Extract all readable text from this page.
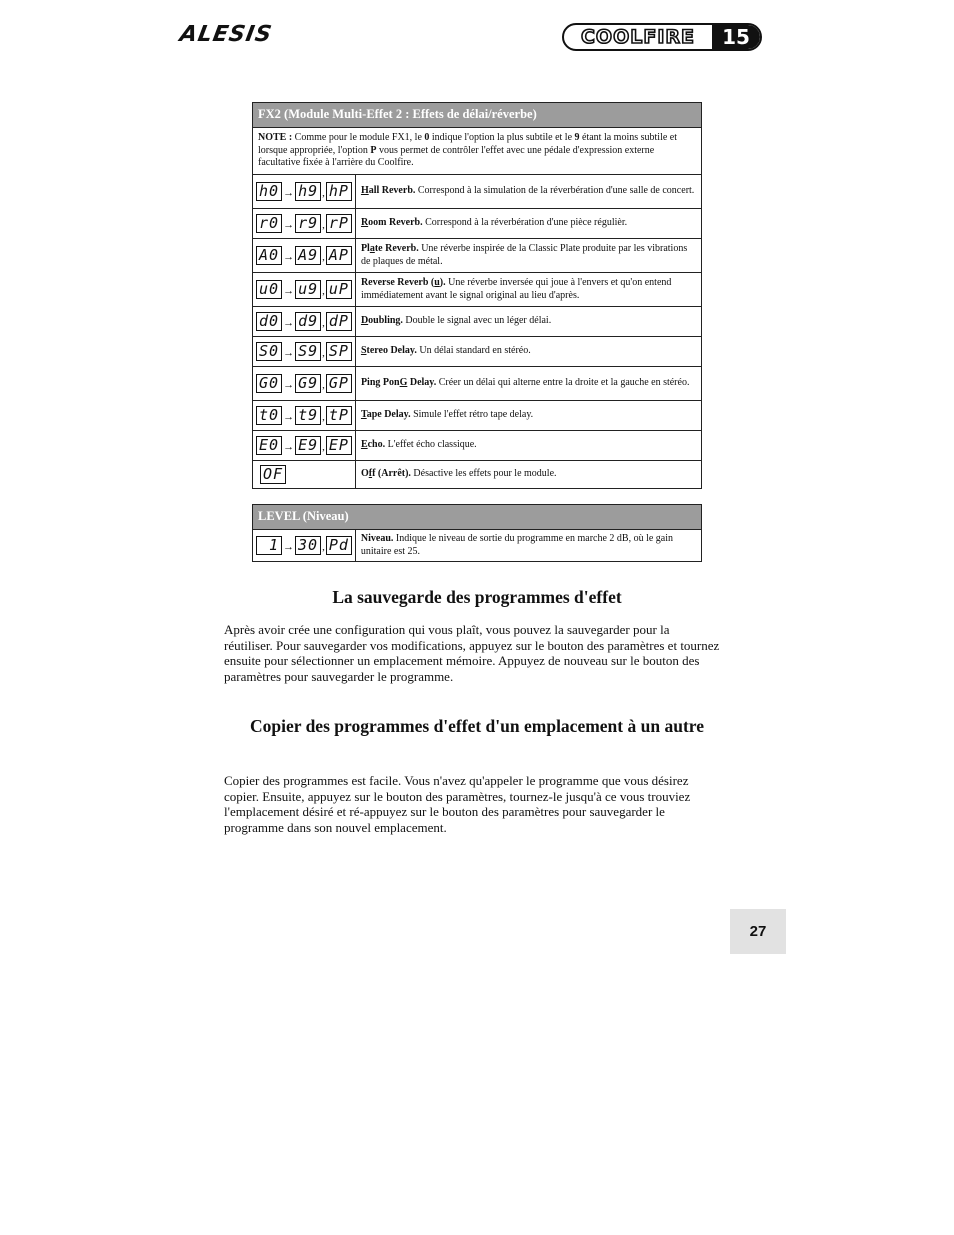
ALESIS	COOLFIRE	15
FX2 (Module Multi-Effet 2 : Effets de délai/réverbe)	
NOTE : Comme pour le module FX1, le 0 indique l'option la plus subtile et le 9 étant la moins subtile et lorsque appropriée, l'option P vous permet de contrôler l'effet avec une pédale d'expression externe facultative fixée à l'arrière du Coolfire.	

h0 → h9 , hP	Hall Reverb. Correspond à la simulation de la réverbération d'une salle de concert.

r0 → r9 , rP	Room Reverb. Correspond à la réverbération d'une pièce régulièr.

A0 → A9 , AP	Plate Reverb. Une réverbe inspirée de la Classic Plate produite par les vibrations de plaques de métal.

u0 → u9 , uP	Reverse Reverb (u). Une réverbe inversée qui joue à l'envers et qu'on entend immédiatement avant le signal original au lieu d'après.

d0 → d9 , dP	Doubling. Double le signal avec un léger délai.

S0 → S9 , SP	Stereo Delay. Un délai standard en stéréo.

G0 → G9 , GP	Ping PonG Delay. Créer un délai qui alterne entre la droite et la gauche en stéréo.

t0 → t9 , tP	Tape Delay. Simule l'effet rétro tape delay.

E0 → E9 , EP	Echo. L'effet écho classique.

OF	Off (Arrêt). Désactive les effets pour le module.
LEVEL (Niveau)

1 → 30 , Pd	Niveau. Indique le niveau de sortie du programme en marche 2 dB, où le gain unitaire est 25.
La sauvegarde des programmes d'effet

Après avoir crée une configuration qui vous plaît, vous pouvez la sauvegarder pour la réutiliser. Pour sauvegarder vos modifications, appuyez sur le bouton des paramètres et tournez ensuite pour sélectionner un emplacement mémoire. Appuyez de nouveau sur le bouton des paramètres pour sauvegarder le programme.

Copier des programmes d'effet d'un emplacement à un autre

Copier des programmes est facile. Vous n'avez qu'appeler le programme que vous désirez copier. Ensuite, appuyez sur le bouton des paramètres, tournez-le jusqu'à ce vous trouviez l'emplacement désiré et ré-appuyez sur le bouton des paramètres pour sauvegarder le programme dans son nouvel emplacement.

27
